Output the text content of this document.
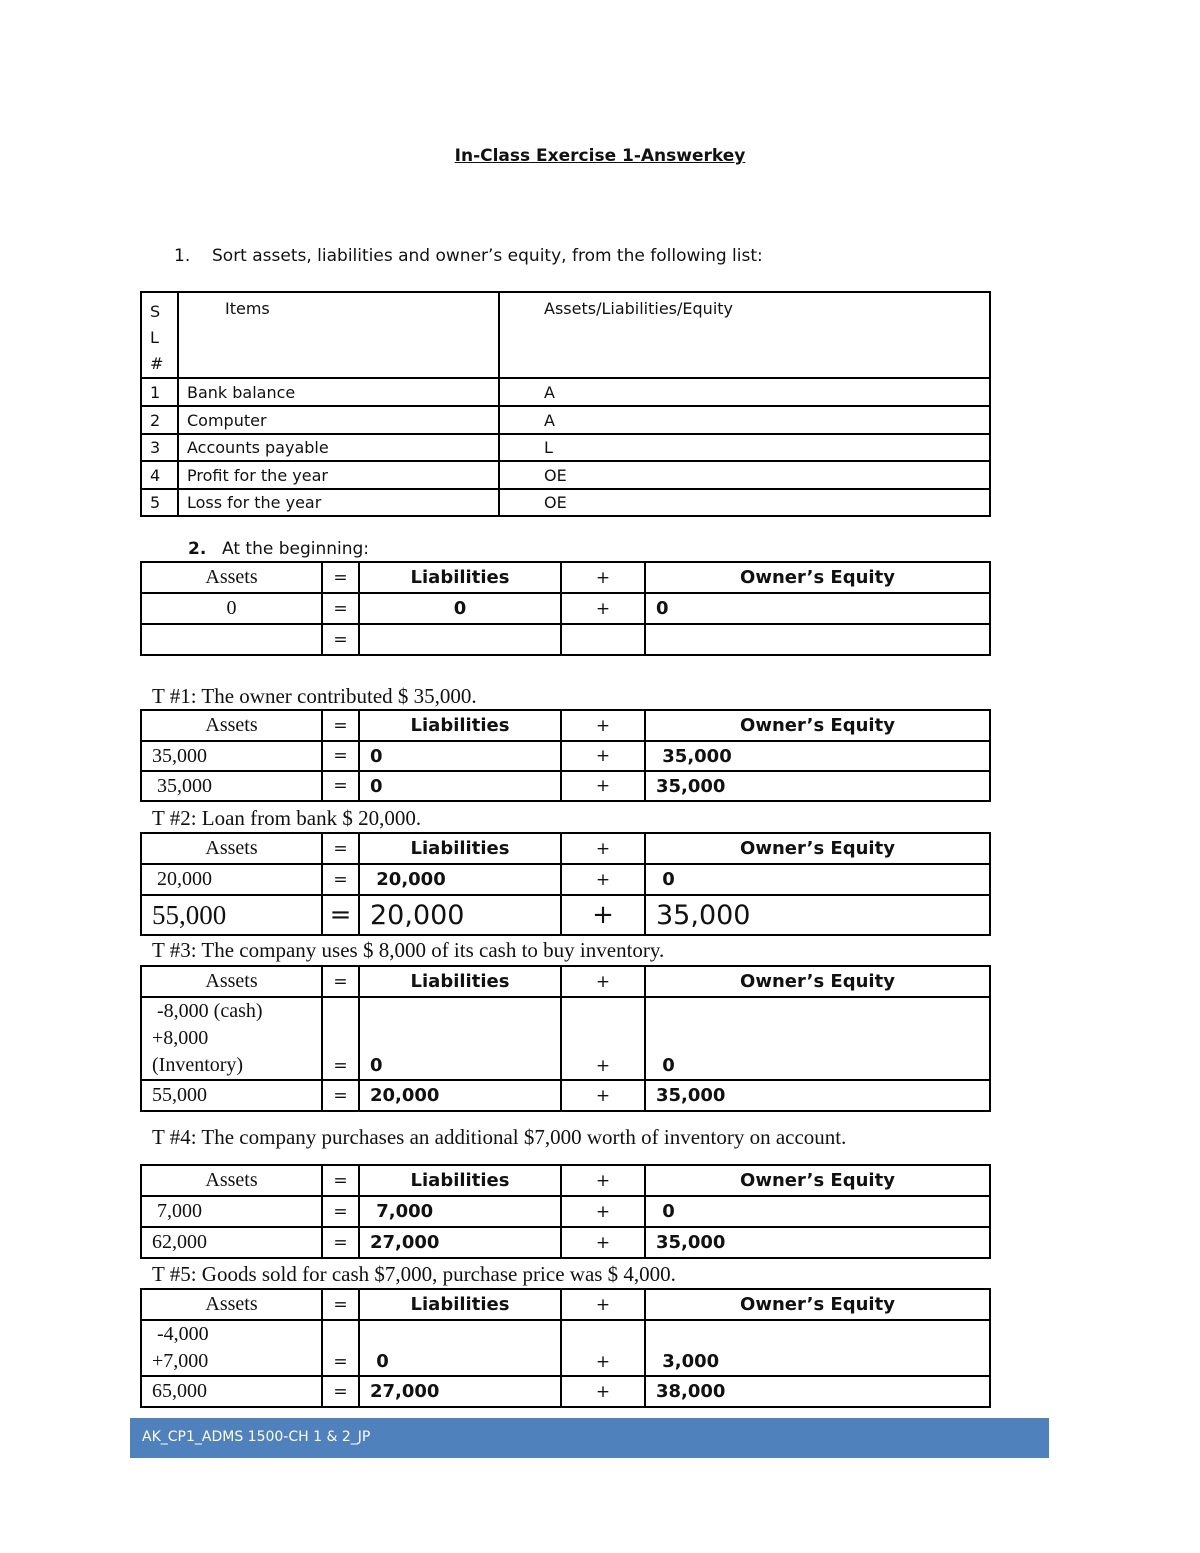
In-Class Exercise 1-Answerkey
1. Sort assets, liabilities and owner’s equity, from the following list:
S
L
#	Items	Assets/Liabilities/Equity
1	Bank balance	A
2	Computer	A
3	Accounts payable	L
4	Profit for the year	OE
5	Loss for the year	OE
2. At the beginning:
Assets	=	Liabilities	+	Owner’s Equity
0	=	0	+	0
	=			
T #1: The owner contributed $ 35,000.
Assets	=	Liabilities	+	Owner’s Equity
35,000	=	0	+	35,000
35,000	=	0	+	35,000
T #2: Loan from bank $ 20,000.
Assets	=	Liabilities	+	Owner’s Equity
20,000	=	20,000	+	0
55,000	=	20,000	+	35,000
T #3: The company uses $ 8,000 of its cash to buy inventory.
Assets	=	Liabilities	+	Owner’s Equity
-8,000 (cash)
+8,000
(Inventory)	=	0	+	0
55,000	=	20,000	+	35,000
T #4: The company purchases an additional $7,000 worth of inventory on account.
Assets	=	Liabilities	+	Owner’s Equity
7,000	=	7,000	+	0
62,000	=	27,000	+	35,000
T #5: Goods sold for cash $7,000, purchase price was $ 4,000.
Assets	=	Liabilities	+	Owner’s Equity
-4,000
+7,000	=	0	+	3,000
65,000	=	27,000	+	38,000
AK_CP1_ADMS 1500-CH 1 & 2_JP
